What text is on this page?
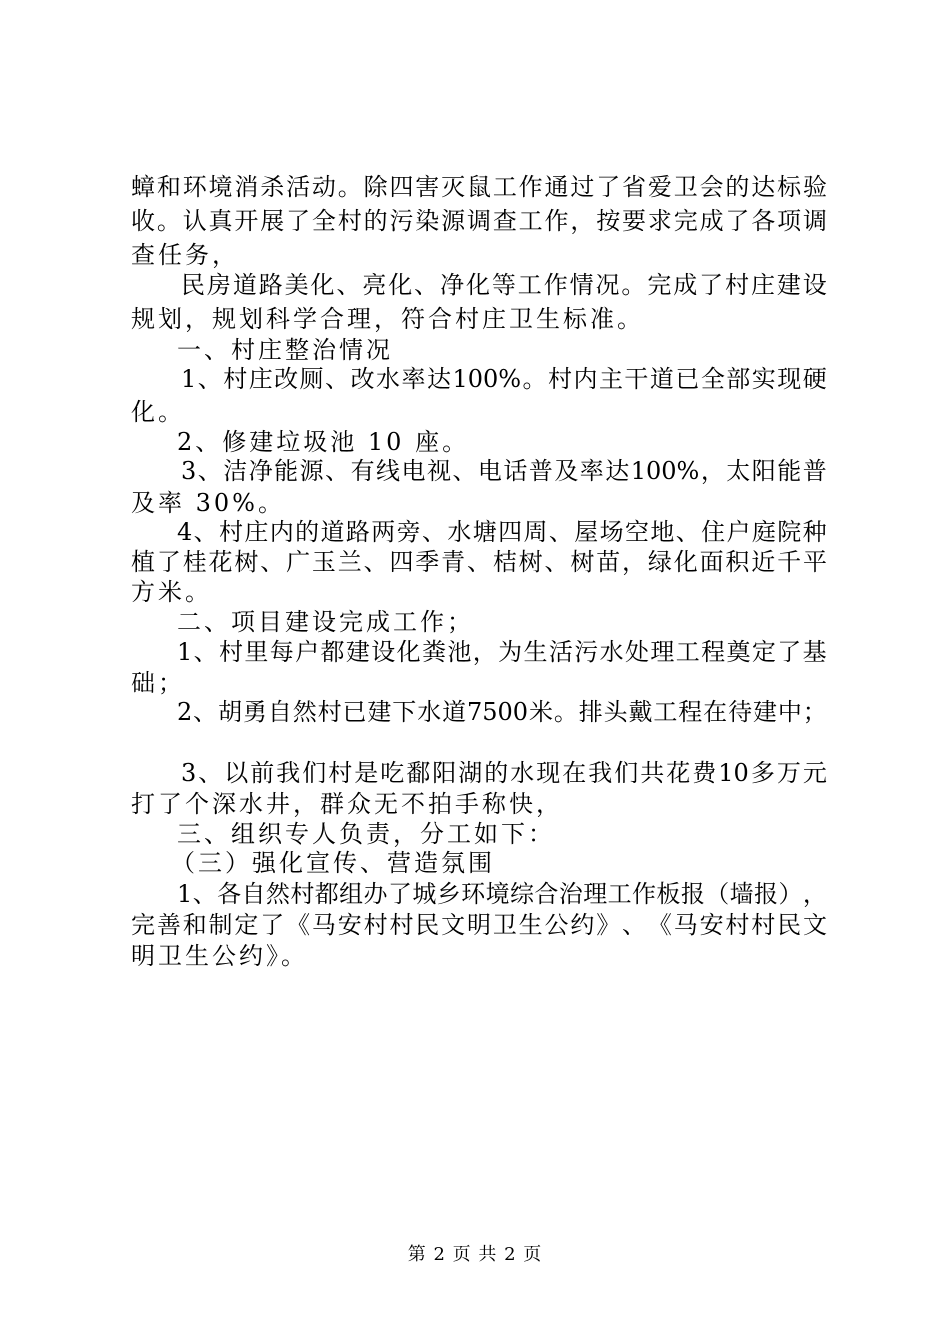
蟑 和 环 境 消 杀 活 动 。 除 四 害 灭 鼠 工 作 通 过 了 省 爱 卫 会 的 达 标 验
收 。 认 真 开 展 了 全 村 的 污 染 源 调 查 工 作 ， 按 要 求 完 成 了 各 项 调
查任务，
民 房 道 路 美 化 、 亮 化 、 净 化 等 工 作 情 况 。 完 成 了 村 庄 建 设
规划，规划科学合理，符合村庄卫生标准。
一、村庄整治情况
1 、 村 庄 改 厕 、 改 水 率 达 100% 。 村 内 主 干 道 已 全 部 实 现 硬
化。
2、修建垃圾池 10 座。
3 、 洁 净 能 源 、 有 线 电 视 、 电 话 普 及 率 达 100% ， 太 阳 能 普
及率 30%。
4 、 村 庄 内 的 道 路 两 旁 、 水 塘 四 周 、 屋 场 空 地 、 住 户 庭 院 种
植 了 桂 花 树 、 广 玉 兰 、 四 季 青 、 桔 树 、 树 苗 ， 绿 化 面 积 近 千 平
方米。
二、项目建设完成工作；
1 、 村 里 每 户 都 建 设 化 粪 池 ， 为 生 活 污 水 处 理 工 程 奠 定 了 基
础；
2 、 胡 勇 自 然 村 已 建 下 水 道 7500 米 。 排 头 戴 工 程 在 待 建 中 ；
3 、 以 前 我 们 村 是 吃 鄱 阳 湖 的 水 现 在 我 们 共 花 费 10 多 万 元
打了个深水井，群众无不拍手称快，
三、组织专人负责，分工如下：
（三）强化宣传、营造氛围
1 、 各 自 然 村 都 组 办 了 城 乡 环 境 综 合 治 理 工 作 板 报 （ 墙 报 ） ，
完 善 和 制 定 了 《 马 安 村 村 民 文 明 卫 生 公 约 》 、 《 马 安 村 村 民 文
明卫生公约》。
第 2 页 共 2 页
